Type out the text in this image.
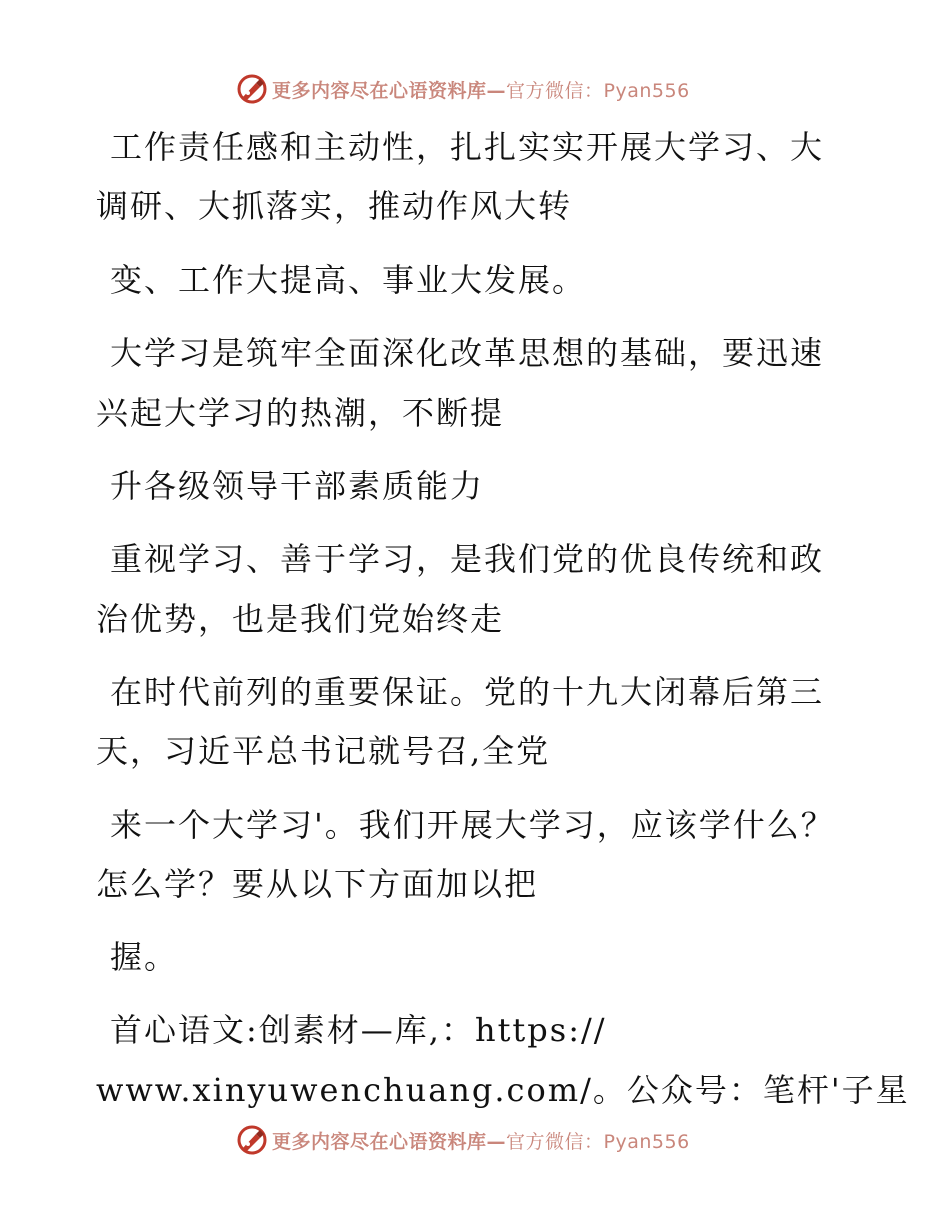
更多内容尽在心语资料库—官方微信：Pyan556
工作责任感和主动性，扎扎实实开展大学习、大
调研、大抓落实，推动作风大转
变、工作大提高、事业大发展。
大学习是筑牢全面深化改革思想的基础，要迅速
兴起大学习的热潮，不断提
升各级领导干部素质能力
重视学习、善于学习，是我们党的优良传统和政
治优势，也是我们党始终走
在时代前列的重要保证。党的十九大闭幕后第三
天，习近平总书记就号召,全党
来一个大学习'。我们开展大学习，应该学什么？
怎么学？要从以下方面加以把
握。
首心语文:创素材—库,：https://
www.xinyuwenchuang.com/。公众号：笔杆'子星
更多内容尽在心语资料库—官方微信：Pyan556
